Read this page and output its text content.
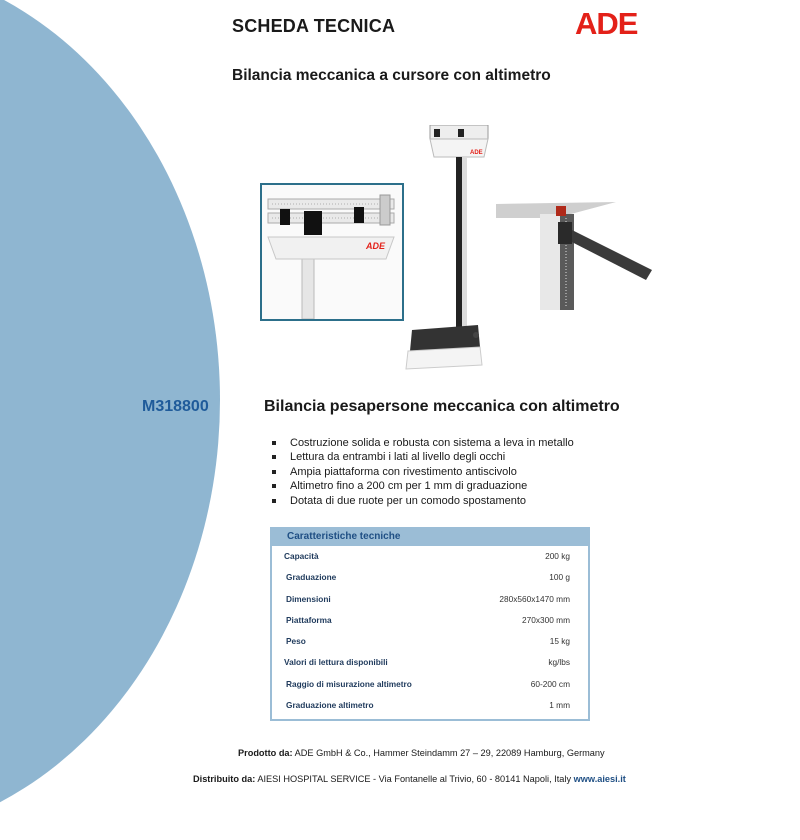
SCHEDA TECNICA	ADE
Bilancia meccanica a cursore con altimetro
ADE
ADE
M318800	Bilancia pesapersone meccanica con altimetro
Costruzione solida e robusta con sistema a leva in metallo
Lettura da entrambi i lati al livello degli occhi
Ampia piattaforma con rivestimento antiscivolo
Altimetro fino a 200 cm per 1 mm di graduazione
Dotata di due ruote per un comodo spostamento
Caratteristiche tecniche
Capacità	200 kg
Graduazione	100 g
Dimensioni	280x560x1470 mm
Piattaforma	270x300 mm
Peso	15 kg
Valori di lettura disponibili	kg/lbs
Raggio di misurazione altimetro	60-200 cm
Graduazione altimetro	1 mm
Prodotto da: ADE GmbH & Co., Hammer Steindamm 27 – 29, 22089 Hamburg, Germany
Distribuito da: AIESI HOSPITAL SERVICE - Via Fontanelle al Trivio, 60 - 80141 Napoli, Italy www.aiesi.it
